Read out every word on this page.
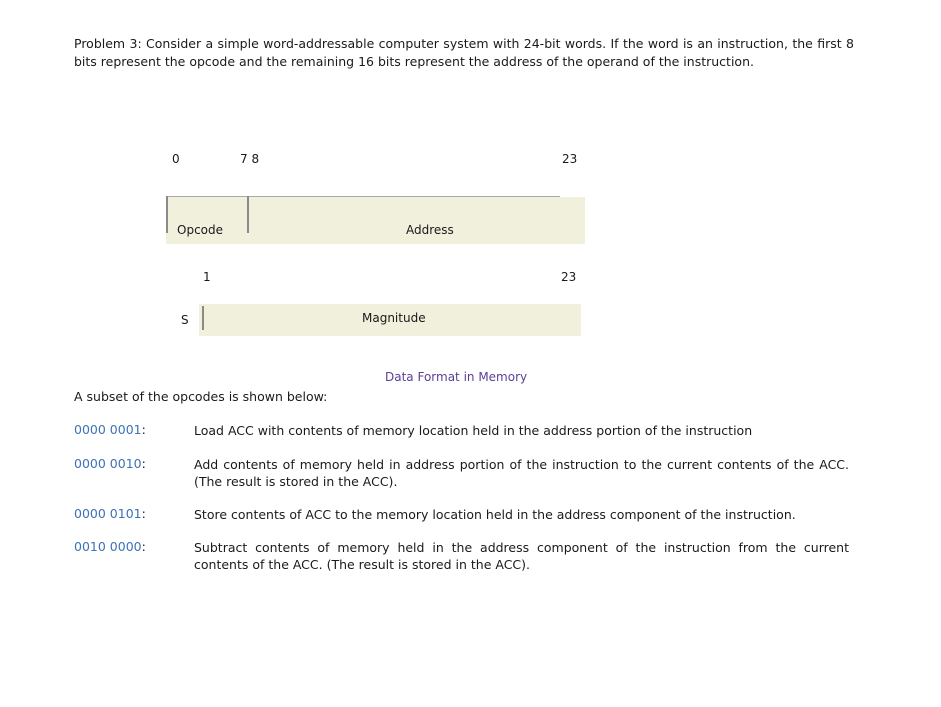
Problem 3: Consider a simple word-addressable computer system with 24-bit words. If the word is an instruction, the first 8 bits represent the opcode and the remaining 16 bits represent the address of the operand of the instruction.
0	7 8	23
Opcode	Address
1	23
S	Magnitude
Data Format in Memory
A subset of the opcodes is shown below:
0000 0001:	Load ACC with contents of memory location held in the address portion of the instruction
0000 0010:	Add contents of memory held in address portion of the instruction to the current contents of the ACC. (The result is stored in the ACC).
0000 0101:	Store contents of ACC to the memory location held in the address component of the instruction.
0010 0000:	Subtract contents of memory held in the address component of the instruction from the current contents of the ACC. (The result is stored in the ACC).
